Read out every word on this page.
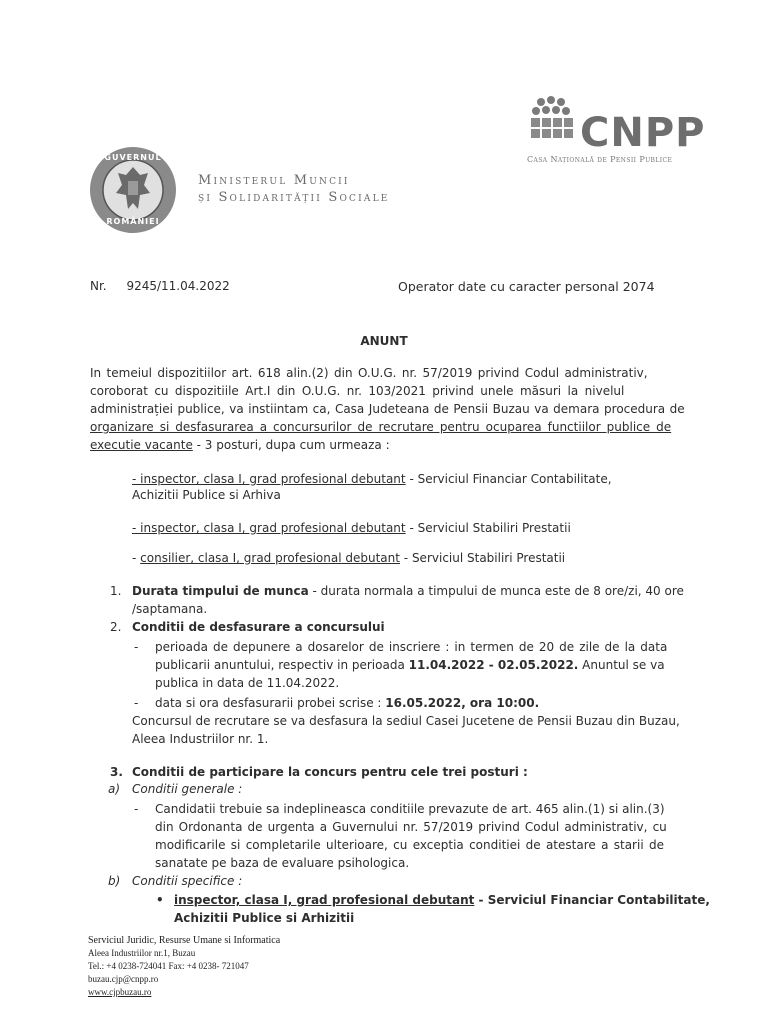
GUVERNUL
ROMÂNIEI
Ministerul Muncii
și Solidarității Sociale
CNPP
Casa Națională de Pensii Publice
Nr. 9245/11.04.2022	Operator date cu caracter personal 2074
ANUNT
In temeiul dispozitiilor art. 618 alin.(2) din O.U.G. nr. 57/2019 privind Codul administrativ,
coroborat cu dispozitiile Art.I din O.U.G. nr. 103/2021 privind unele măsuri la nivelul
administrației publice, va instiintam ca, Casa Judeteana de Pensii Buzau va demara procedura de
organizare si desfasurarea a concursurilor de recrutare pentru ocuparea functiilor publice de
executie vacante - 3 posturi, dupa cum urmeaza :
- inspector, clasa I, grad profesional debutant - Serviciul Financiar Contabilitate,
Achizitii Publice si Arhiva
- inspector, clasa I, grad profesional debutant - Serviciul Stabiliri Prestatii
- consilier, clasa I, grad profesional debutant - Serviciul Stabiliri Prestatii
1. Durata timpului de munca - durata normala a timpului de munca este de 8 ore/zi, 40 ore
/saptamana.
2. Conditii de desfasurare a concursului
- perioada de depunere a dosarelor de inscriere : in termen de 20 de zile de la data
publicarii anuntului, respectiv in perioada 11.04.2022 - 02.05.2022. Anuntul se va
publica in data de 11.04.2022.
- data si ora desfasurarii probei scrise : 16.05.2022, ora 10:00.
Concursul de recrutare se va desfasura la sediul Casei Jucetene de Pensii Buzau din Buzau,
Aleea Industriilor nr. 1.
3. Conditii de participare la concurs pentru cele trei posturi :
a) Conditii generale :
- Candidatii trebuie sa indeplineasca conditiile prevazute de art. 465 alin.(1) si alin.(3)
din Ordonanta de urgenta a Guvernului nr. 57/2019 privind Codul administrativ, cu
modificarile si completarile ulterioare, cu exceptia conditiei de atestare a starii de
sanatate pe baza de evaluare psihologica.
b) Conditii specifice :
• inspector, clasa I, grad profesional debutant - Serviciul Financiar Contabilitate,
Achizitii Publice si Arhizitii
Serviciul Juridic, Resurse Umane si Informatica
Aleea Industriilor nr.1, Buzau
Tel.: +4 0238-724041 Fax: +4 0238- 721047
buzau.cjp@cnpp.ro
www.cjpbuzau.ro
